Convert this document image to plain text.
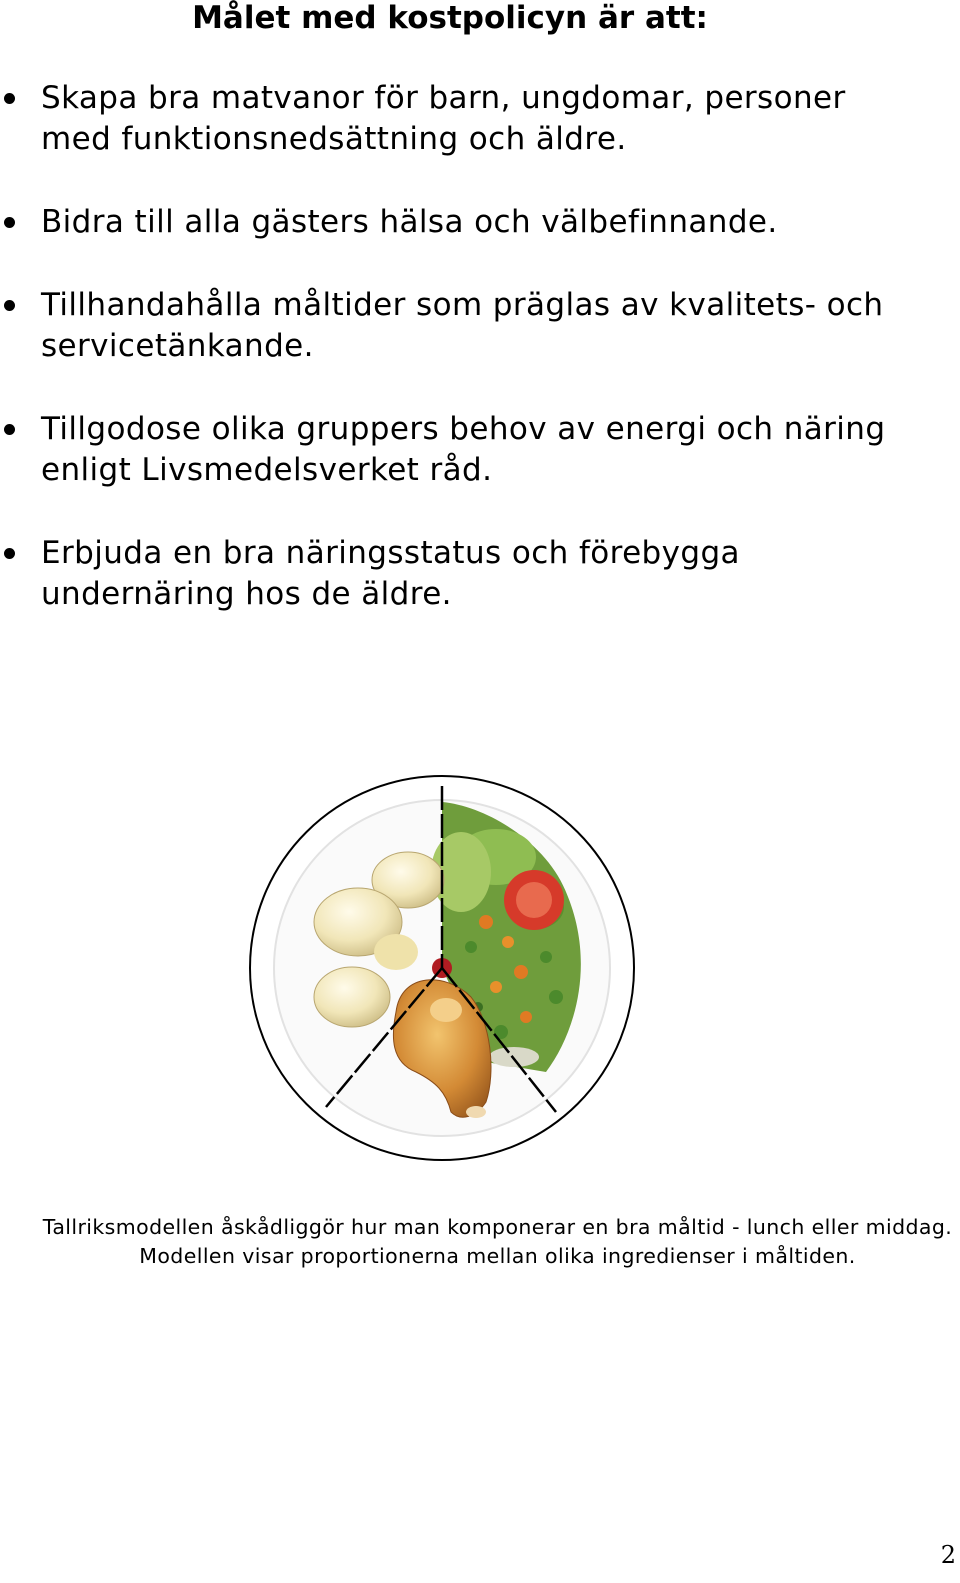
Målet med kostpolicyn är att:
Skapa bra matvanor för barn, ungdomar, personer med funktionsnedsättning och äldre.
Bidra till alla gästers hälsa och välbefinnande.
Tillhandahålla måltider som präglas av kvalitets- och servicetänkande.
Tillgodose olika gruppers behov av energi och näring enligt Livsmedelsverket råd.
Erbjuda en bra näringsstatus och förebygga undernäring hos de äldre.
Tallriksmodellen åskådliggör hur man komponerar en bra måltid - lunch eller middag. Modellen visar proportionerna mellan olika ingredienser i måltiden.
2
